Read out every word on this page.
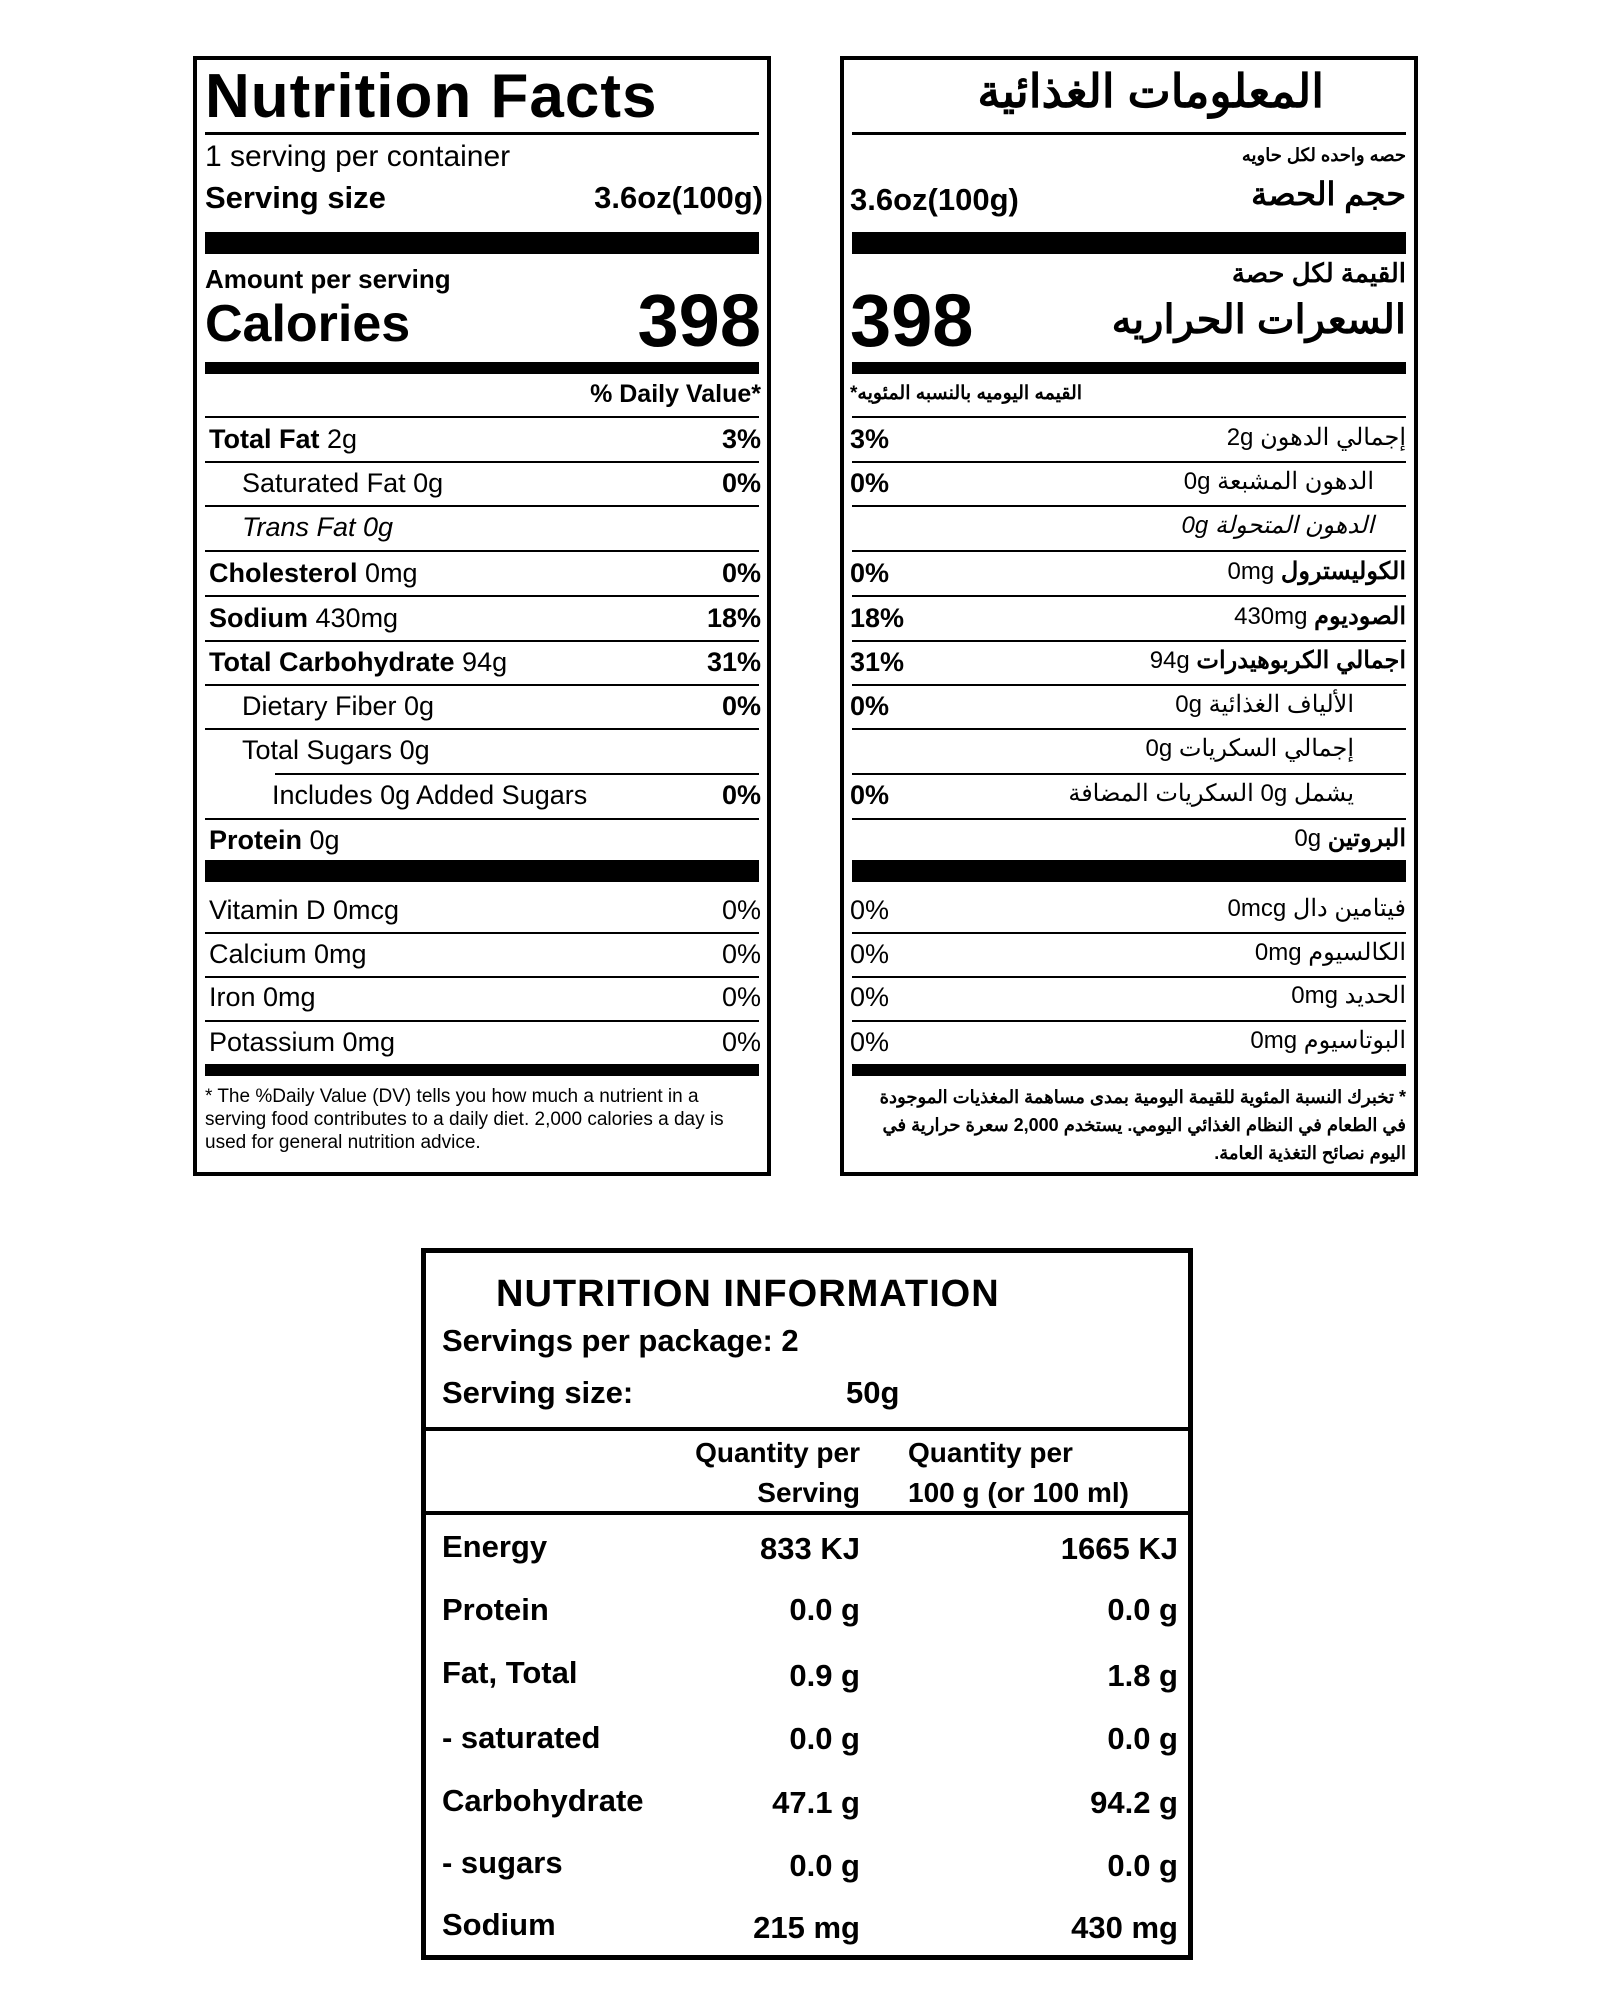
Nutrition Facts
1 serving per container
Serving size	3.6oz(100g)
Amount per serving
Calories	398
% Daily Value*
Total Fat 2g	3%
Saturated Fat 0g	0%
Trans Fat 0g
Cholesterol 0mg	0%
Sodium 430mg	18%
Total Carbohydrate 94g	31%
Dietary Fiber 0g	0%
Total Sugars 0g
Includes 0g Added Sugars	0%
Protein 0g
Vitamin D 0mcg	0%
Calcium 0mg	0%
Iron 0mg	0%
Potassium 0mg	0%
* The %Daily Value (DV) tells you how much a nutrient in a serving food contributes to a daily diet. 2,000 calories a day is used for general nutrition advice.
المعلومات الغذائية
حصه واحده لكل حاويه
حجم الحصة
3.6oz(100g)
القيمة لكل حصة
السعرات الحراريه
398
القيمه اليوميه بالنسبه المئويه*
3%	إجمالي الدهون 2g
0%	الدهون المشبعة 0g
الدهون المتحولة 0g
0%	الكوليسترول 0mg
18%	الصوديوم 430mg
31%	اجمالي الكربوهيدرات 94g
0%	الألياف الغذائية 0g
إجمالي السكريات 0g
0%	يشمل 0g السكريات المضافة
البروتين 0g
0%	فيتامين دال 0mcg
0%	الكالسيوم 0mg
0%	الحديد 0mg
0%	البوتاسيوم 0mg
* تخبرك النسبة المئوية للقيمة اليومية بمدى مساهمة المغذيات الموجودة في الطعام في النظام الغذائي اليومي. يستخدم 2,000 سعرة حرارية في اليوم نصائح التغذية العامة.
NUTRITION INFORMATION
Servings per package: 2
Serving size:	50g
Quantity per
Serving
Quantity per
100 g (or 100 ml)
Energy	833 KJ	1665 KJ
Protein	0.0 g	0.0 g
Fat, Total	0.9 g	1.8 g
- saturated	0.0 g	0.0 g
Carbohydrate	47.1 g	94.2 g
- sugars	0.0 g	0.0 g
Sodium	215 mg	430 mg
